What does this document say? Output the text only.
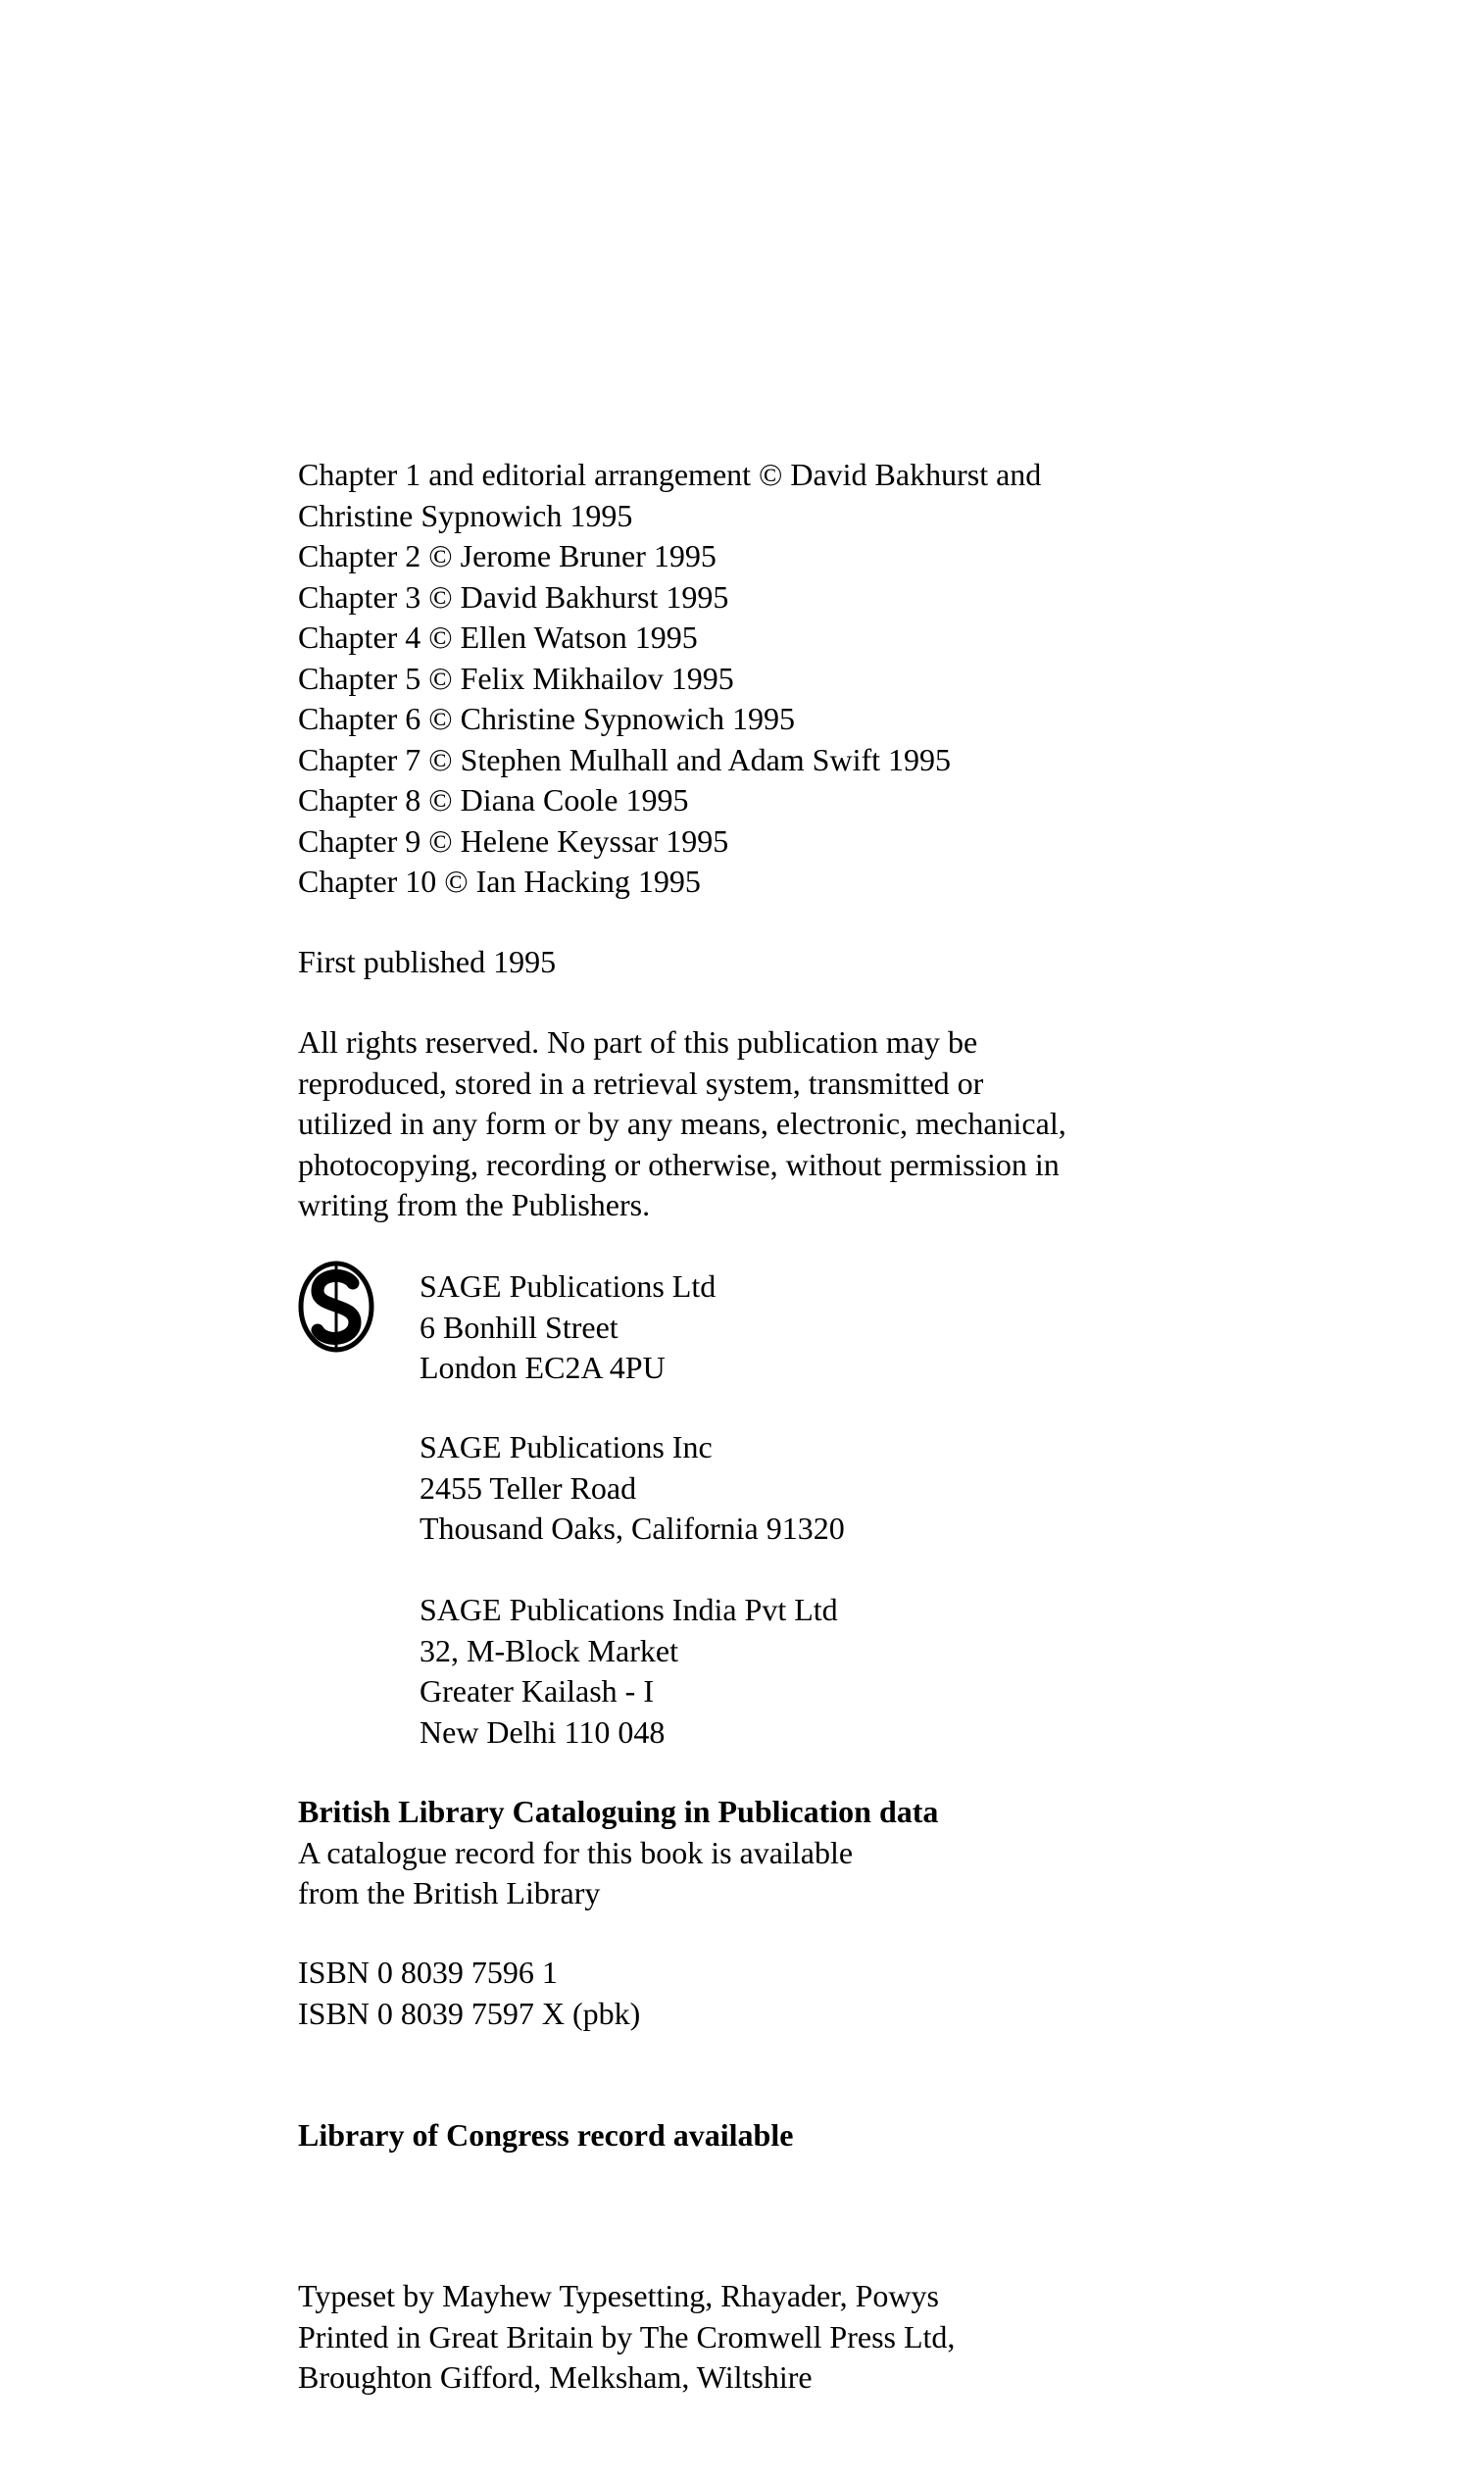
Chapter 1 and editorial arrangement © David Bakhurst and
Christine Sypnowich 1995
Chapter 2 © Jerome Bruner 1995
Chapter 3 © David Bakhurst 1995
Chapter 4 © Ellen Watson 1995
Chapter 5 © Felix Mikhailov 1995
Chapter 6 © Christine Sypnowich 1995
Chapter 7 © Stephen Mulhall and Adam Swift 1995
Chapter 8 © Diana Coole 1995
Chapter 9 © Helene Keyssar 1995
Chapter 10 © Ian Hacking 1995
First published 1995
All rights reserved. No part of this publication may be
reproduced, stored in a retrieval system, transmitted or
utilized in any form or by any means, electronic, mechanical,
photocopying, recording or otherwise, without permission in
writing from the Publishers.
SAGE Publications Ltd
6 Bonhill Street
London EC2A 4PU
SAGE Publications Inc
2455 Teller Road
Thousand Oaks, California 91320
SAGE Publications India Pvt Ltd
32, M-Block Market
Greater Kailash - I
New Delhi 110 048
British Library Cataloguing in Publication data
A catalogue record for this book is available
from the British Library
ISBN 0 8039 7596 1
ISBN 0 8039 7597 X (pbk)
Library of Congress record available
Typeset by Mayhew Typesetting, Rhayader, Powys
Printed in Great Britain by The Cromwell Press Ltd,
Broughton Gifford, Melksham, Wiltshire
